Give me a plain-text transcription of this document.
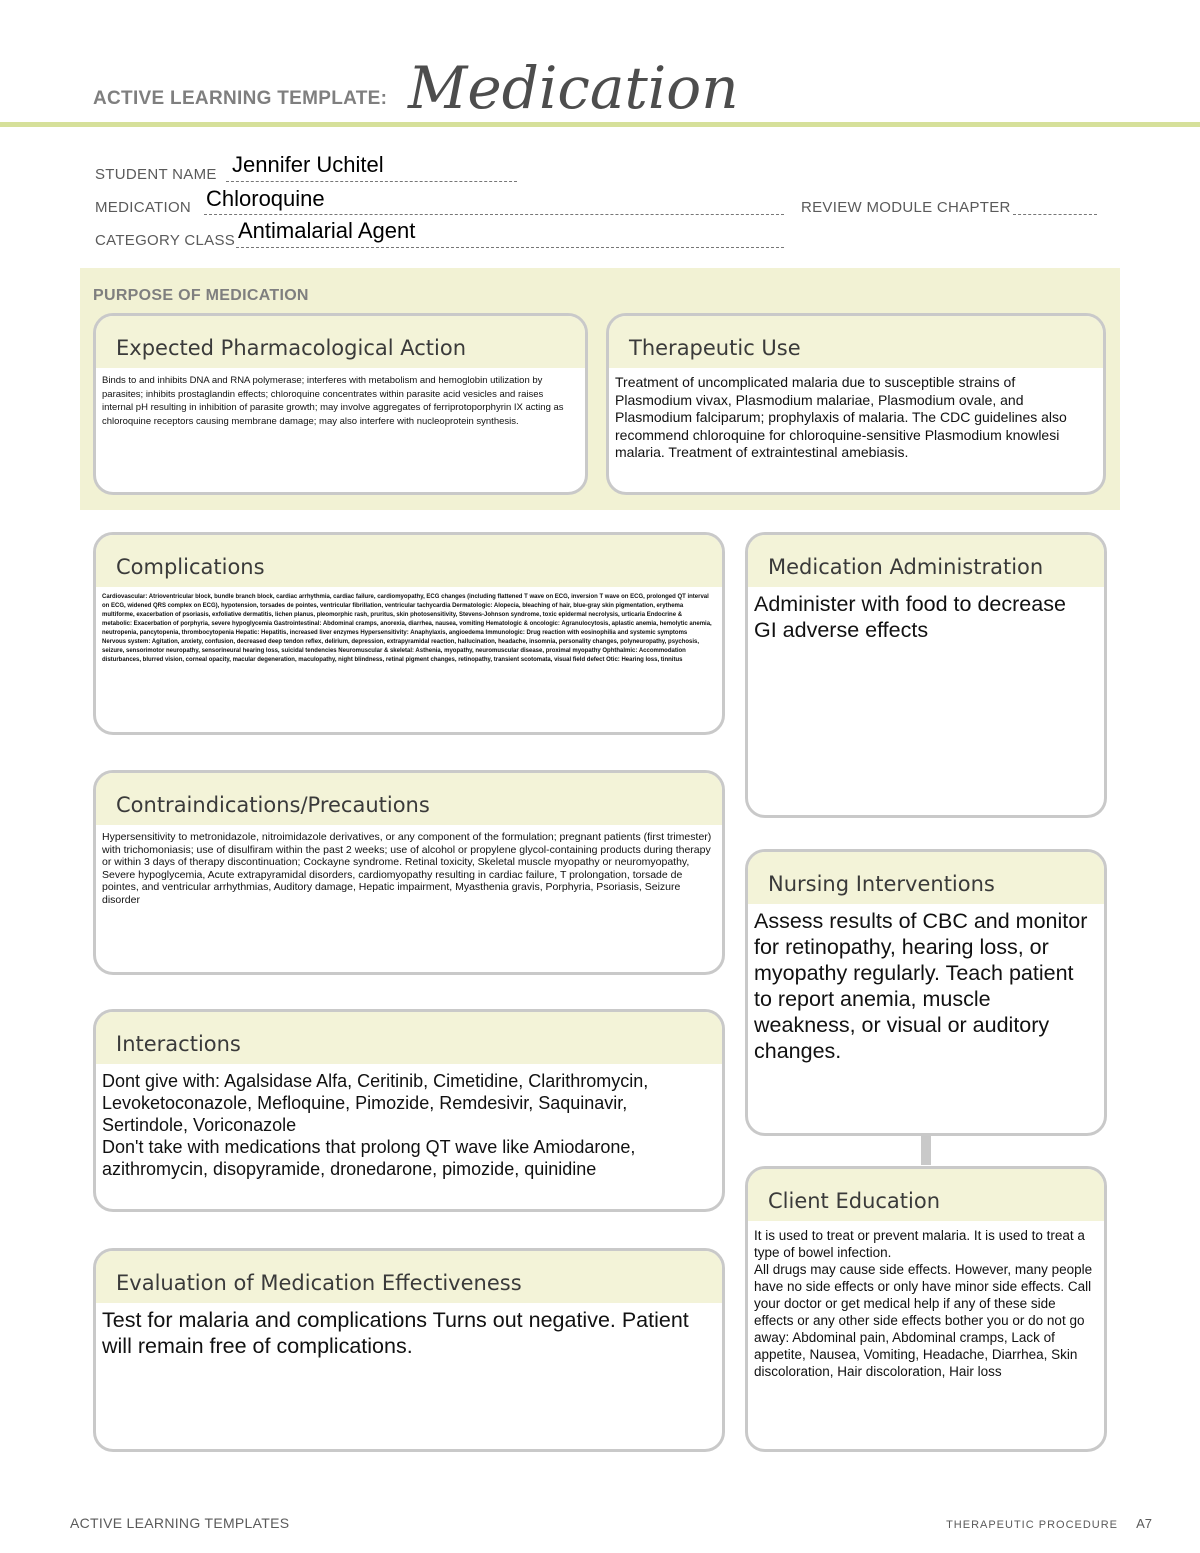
ACTIVE LEARNING TEMPLATE: Medication
STUDENT NAME Jennifer Uchitel
MEDICATION Chloroquine	REVIEW MODULE CHAPTER
CATEGORY CLASS Antimalarial Agent
PURPOSE OF MEDICATION
Expected Pharmacological Action
Binds to and inhibits DNA and RNA polymerase; interferes with metabolism and hemoglobin utilization by parasites; inhibits prostaglandin effects; chloroquine concentrates within parasite acid vesicles and raises internal pH resulting in inhibition of parasite growth; may involve aggregates of ferriprotoporphyrin IX acting as chloroquine receptors causing membrane damage; may also interfere with nucleoprotein synthesis.
Therapeutic Use
Treatment of uncomplicated malaria due to susceptible strains of Plasmodium vivax, Plasmodium malariae, Plasmodium ovale, and Plasmodium falciparum; prophylaxis of malaria. The CDC guidelines also recommend chloroquine for chloroquine-sensitive Plasmodium knowlesi malaria. Treatment of extraintestinal amebiasis.
Complications
Cardiovascular: Atrioventricular block, bundle branch block, cardiac arrhythmia, cardiac failure, cardiomyopathy, ECG changes (including flattened T wave on ECG, inversion T wave on ECG, prolonged QT interval on ECG, widened QRS complex on ECG), hypotension, torsades de pointes, ventricular fibrillation, ventricular tachycardia Dermatologic: Alopecia, bleaching of hair, blue-gray skin pigmentation, erythema multiforme, exacerbation of psoriasis, exfoliative dermatitis, lichen planus, pleomorphic rash, pruritus, skin photosensitivity, Stevens-Johnson syndrome, toxic epidermal necrolysis, urticaria Endocrine & metabolic: Exacerbation of porphyria, severe hypoglycemia Gastrointestinal: Abdominal cramps, anorexia, diarrhea, nausea, vomiting Hematologic & oncologic: Agranulocytosis, aplastic anemia, hemolytic anemia, neutropenia, pancytopenia, thrombocytopenia Hepatic: Hepatitis, increased liver enzymes Hypersensitivity: Anaphylaxis, angioedema Immunologic: Drug reaction with eosinophilia and systemic symptoms Nervous system: Agitation, anxiety, confusion, decreased deep tendon reflex, delirium, depression, extrapyramidal reaction, hallucination, headache, insomnia, personality changes, polyneuropathy, psychosis, seizure, sensorimotor neuropathy, sensorineural hearing loss, suicidal tendencies Neuromuscular & skeletal: Asthenia, myopathy, neuromuscular disease, proximal myopathy Ophthalmic: Accommodation disturbances, blurred vision, corneal opacity, macular degeneration, maculopathy, night blindness, retinal pigment changes, retinopathy, transient scotomata, visual field defect Otic: Hearing loss, tinnitus
Medication Administration
Administer with food to decrease GI adverse effects
Contraindications/Precautions
Hypersensitivity to metronidazole, nitroimidazole derivatives, or any component of the formulation; pregnant patients (first trimester) with trichomoniasis; use of disulfiram within the past 2 weeks; use of alcohol or propylene glycol-containing products during therapy or within 3 days of therapy discontinuation; Cockayne syndrome. Retinal toxicity, Skeletal muscle myopathy or neuromyopathy, Severe hypoglycemia, Acute extrapyramidal disorders, cardiomyopathy resulting in cardiac failure, T prolongation, torsade de pointes, and ventricular arrhythmias, Auditory damage, Hepatic impairment, Myasthenia gravis, Porphyria, Psoriasis, Seizure disorder
Nursing Interventions
Assess results of CBC and monitor for retinopathy, hearing loss, or myopathy regularly. Teach patient to report anemia, muscle weakness, or visual or auditory changes.
Interactions
Dont give with: Agalsidase Alfa, Ceritinib, Cimetidine, Clarithromycin, Levoketoconazole, Mefloquine, Pimozide, Remdesivir, Saquinavir, Sertindole, Voriconazole
Don't take with medications that prolong QT wave like Amiodarone, azithromycin, disopyramide, dronedarone, pimozide, quinidine
Client Education
It is used to treat or prevent malaria. It is used to treat a type of bowel infection.
All drugs may cause side effects. However, many people have no side effects or only have minor side effects. Call your doctor or get medical help if any of these side effects or any other side effects bother you or do not go away: Abdominal pain, Abdominal cramps, Lack of appetite, Nausea, Vomiting, Headache, Diarrhea, Skin discoloration, Hair discoloration, Hair loss
Evaluation of Medication Effectiveness
Test for malaria and complications Turns out negative. Patient will remain free of complications.
ACTIVE LEARNING TEMPLATES	THERAPEUTIC PROCEDURE A7
